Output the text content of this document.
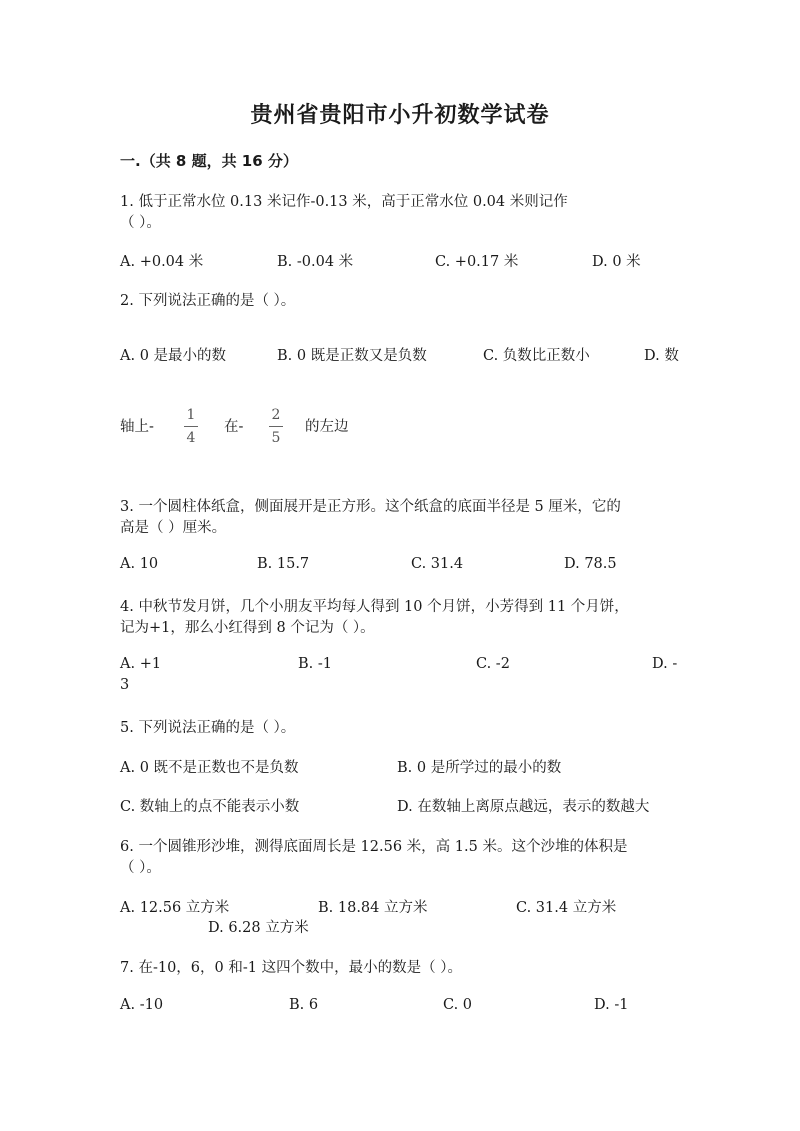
贵州省贵阳市小升初数学试卷
一.（共 8 题，共 16 分）
1. 低于正常水位 0.13 米记作-0.13 米，高于正常水位 0.04 米则记作
（ ）。
A. +0.04 米	B. -0.04 米	C. +0.17 米	D. 0 米
2. 下列说法正确的是（ ）。
A. 0 是最小的数	B. 0 既是正数又是负数	C. 负数比正数小	D. 数
轴上-
1
4
在-
2
5
的左边
3. 一个圆柱体纸盒，侧面展开是正方形。这个纸盒的底面半径是 5 厘米，它的
高是（ ）厘米。
A. 10	B. 15.7	C. 31.4	D. 78.5
4. 中秋节发月饼，几个小朋友平均每人得到 10 个月饼，小芳得到 11 个月饼，
记为+1，那么小红得到 8 个记为（ ）。
A. +1	B. -1	C. -2	D. -
3
5. 下列说法正确的是（ ）。
A. 0 既不是正数也不是负数	B. 0 是所学过的最小的数
C. 数轴上的点不能表示小数	D. 在数轴上离原点越远，表示的数越大
6. 一个圆锥形沙堆，测得底面周长是 12.56 米，高 1.5 米。这个沙堆的体积是
（ ）。
A. 12.56 立方米	B. 18.84 立方米	C. 31.4 立方米
D. 6.28 立方米
7. 在-10，6，0 和-1 这四个数中，最小的数是（ ）。
A. -10	B. 6	C. 0	D. -1
